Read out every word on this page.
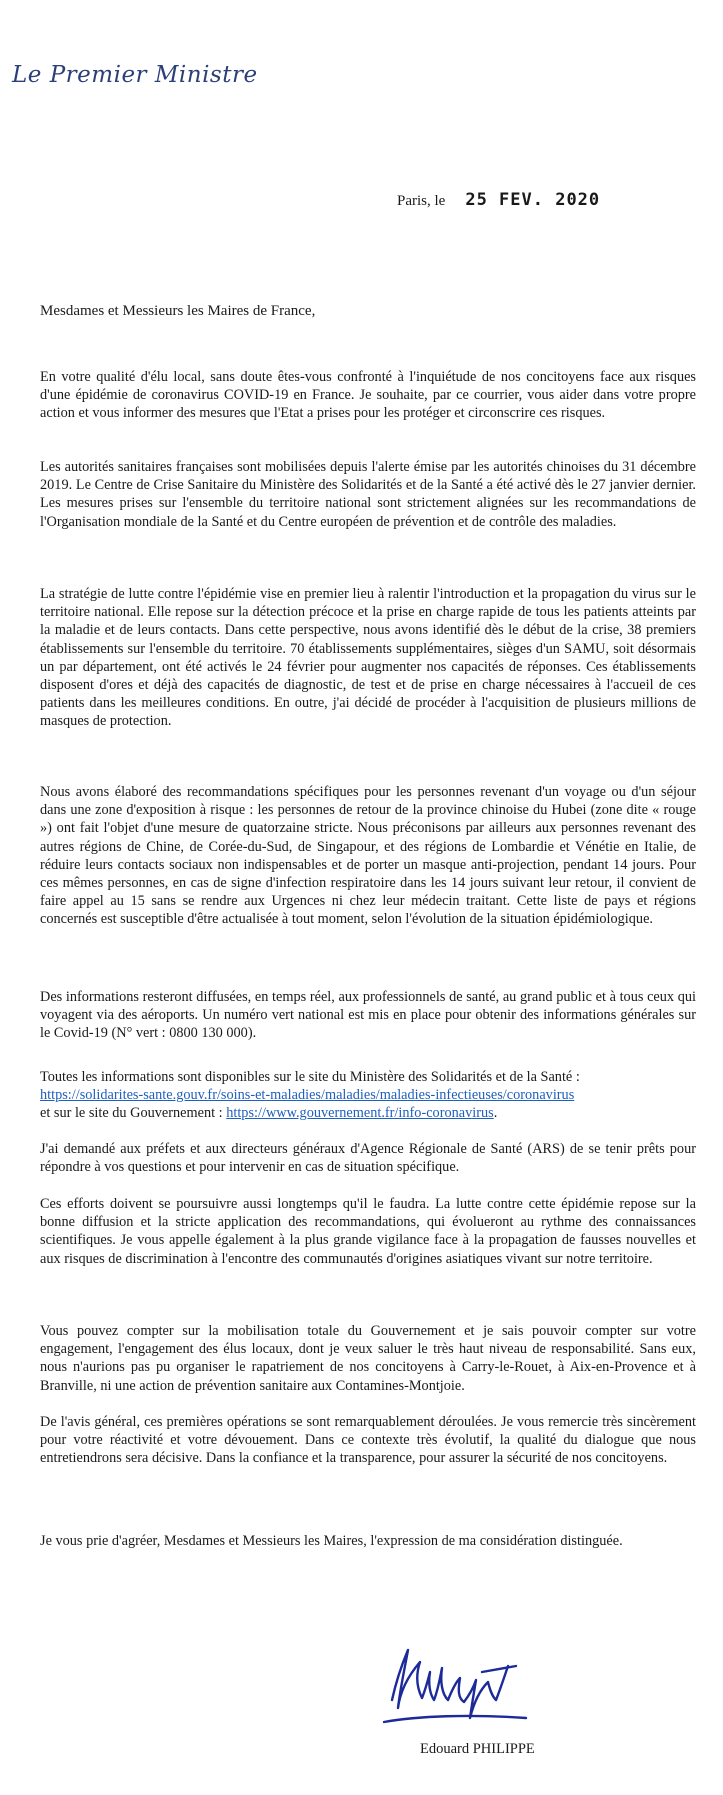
Le Premier Ministre
Paris, le 25 FEV. 2020
Mesdames et Messieurs les Maires de France,

En votre qualité d'élu local, sans doute êtes-vous confronté à l'inquiétude de nos concitoyens face aux risques d'une épidémie de coronavirus COVID-19 en France. Je souhaite, par ce courrier, vous aider dans votre propre action et vous informer des mesures que l'Etat a prises pour les protéger et circonscrire ces risques.

Les autorités sanitaires françaises sont mobilisées depuis l'alerte émise par les autorités chinoises du 31 décembre 2019. Le Centre de Crise Sanitaire du Ministère des Solidarités et de la Santé a été activé dès le 27 janvier dernier. Les mesures prises sur l'ensemble du territoire national sont strictement alignées sur les recommandations de l'Organisation mondiale de la Santé et du Centre européen de prévention et de contrôle des maladies.

La stratégie de lutte contre l'épidémie vise en premier lieu à ralentir l'introduction et la propagation du virus sur le territoire national. Elle repose sur la détection précoce et la prise en charge rapide de tous les patients atteints par la maladie et de leurs contacts. Dans cette perspective, nous avons identifié dès le début de la crise, 38 premiers établissements sur l'ensemble du territoire. 70 établissements supplémentaires, sièges d'un SAMU, soit désormais un par département, ont été activés le 24 février pour augmenter nos capacités de réponses. Ces établissements disposent d'ores et déjà des capacités de diagnostic, de test et de prise en charge nécessaires à l'accueil de ces patients dans les meilleures conditions. En outre, j'ai décidé de procéder à l'acquisition de plusieurs millions de masques de protection.

Nous avons élaboré des recommandations spécifiques pour les personnes revenant d'un voyage ou d'un séjour dans une zone d'exposition à risque : les personnes de retour de la province chinoise du Hubei (zone dite « rouge ») ont fait l'objet d'une mesure de quatorzaine stricte. Nous préconisons par ailleurs aux personnes revenant des autres régions de Chine, de Corée-du-Sud, de Singapour, et des régions de Lombardie et Vénétie en Italie, de réduire leurs contacts sociaux non indispensables et de porter un masque anti-projection, pendant 14 jours. Pour ces mêmes personnes, en cas de signe d'infection respiratoire dans les 14 jours suivant leur retour, il convient de faire appel au 15 sans se rendre aux Urgences ni chez leur médecin traitant. Cette liste de pays et régions concernés est susceptible d'être actualisée à tout moment, selon l'évolution de la situation épidémiologique.

Des informations resteront diffusées, en temps réel, aux professionnels de santé, au grand public et à tous ceux qui voyagent via des aéroports. Un numéro vert national est mis en place pour obtenir des informations générales sur le Covid-19 (N° vert : 0800 130 000).

Toutes les informations sont disponibles sur le site du Ministère des Solidarités et de la Santé :
https://solidarites-sante.gouv.fr/soins-et-maladies/maladies/maladies-infectieuses/coronavirus
et sur le site du Gouvernement : https://www.gouvernement.fr/info-coronavirus.

J'ai demandé aux préfets et aux directeurs généraux d'Agence Régionale de Santé (ARS) de se tenir prêts pour répondre à vos questions et pour intervenir en cas de situation spécifique.

Ces efforts doivent se poursuivre aussi longtemps qu'il le faudra. La lutte contre cette épidémie repose sur la bonne diffusion et la stricte application des recommandations, qui évolueront au rythme des connaissances scientifiques. Je vous appelle également à la plus grande vigilance face à la propagation de fausses nouvelles et aux risques de discrimination à l'encontre des communautés d'origines asiatiques vivant sur notre territoire.

Vous pouvez compter sur la mobilisation totale du Gouvernement et je sais pouvoir compter sur votre engagement, l'engagement des élus locaux, dont je veux saluer le très haut niveau de responsabilité. Sans eux, nous n'aurions pas pu organiser le rapatriement de nos concitoyens à Carry-le-Rouet, à Aix-en-Provence et à Branville, ni une action de prévention sanitaire aux Contamines-Montjoie.

De l'avis général, ces premières opérations se sont remarquablement déroulées. Je vous remercie très sincèrement pour votre réactivité et votre dévouement. Dans ce contexte très évolutif, la qualité du dialogue que nous entretiendrons sera décisive. Dans la confiance et la transparence, pour assurer la sécurité de nos concitoyens.

Je vous prie d'agréer, Mesdames et Messieurs les Maires, l'expression de ma considération distinguée.

Edouard PHILIPPE
